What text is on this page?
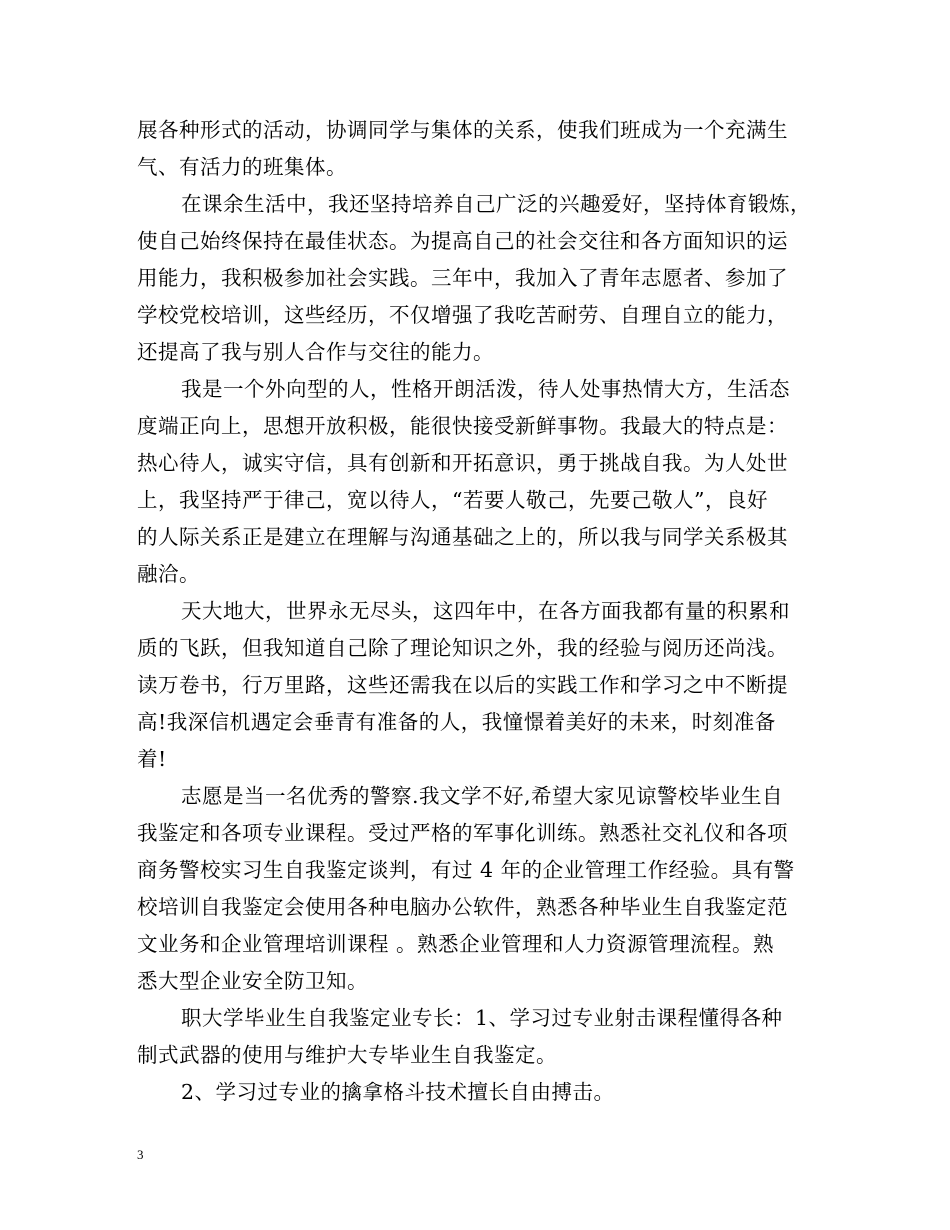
展各种形式的活动，协调同学与集体的关系，使我们班成为一个充满生
气、有活力的班集体。
在课余生活中，我还坚持培养自己广泛的兴趣爱好，坚持体育锻炼，
使自己始终保持在最佳状态。为提高自己的社会交往和各方面知识的运
用能力，我积极参加社会实践。三年中，我加入了青年志愿者、参加了
学校党校培训，这些经历，不仅增强了我吃苦耐劳、自理自立的能力，
还提高了我与别人合作与交往的能力。
我是一个外向型的人，性格开朗活泼，待人处事热情大方，生活态
度端正向上，思想开放积极，能很快接受新鲜事物。我最大的特点是：
热心待人，诚实守信，具有创新和开拓意识，勇于挑战自我。为人处世
上，我坚持严于律己，宽以待人，“若要人敬己，先要己敬人”，良好
的人际关系正是建立在理解与沟通基础之上的，所以我与同学关系极其
融洽。
天大地大，世界永无尽头，这四年中，在各方面我都有量的积累和
质的飞跃，但我知道自己除了理论知识之外，我的经验与阅历还尚浅。
读万卷书，行万里路，这些还需我在以后的实践工作和学习之中不断提
高!我深信机遇定会垂青有准备的人，我憧憬着美好的未来，时刻准备
着!
志愿是当一名优秀的警察.我文学不好,希望大家见谅警校毕业生自
我鉴定和各项专业课程。受过严格的军事化训练。熟悉社交礼仪和各项
商务警校实习生自我鉴定谈判，有过 4 年的企业管理工作经验。具有警
校培训自我鉴定会使用各种电脑办公软件，熟悉各种毕业生自我鉴定范
文业务和企业管理培训课程 。熟悉企业管理和人力资源管理流程。熟
悉大型企业安全防卫知。
职大学毕业生自我鉴定业专长：1、学习过专业射击课程懂得各种
制式武器的使用与维护大专毕业生自我鉴定。
2、学习过专业的擒拿格斗技术擅长自由搏击。
3
